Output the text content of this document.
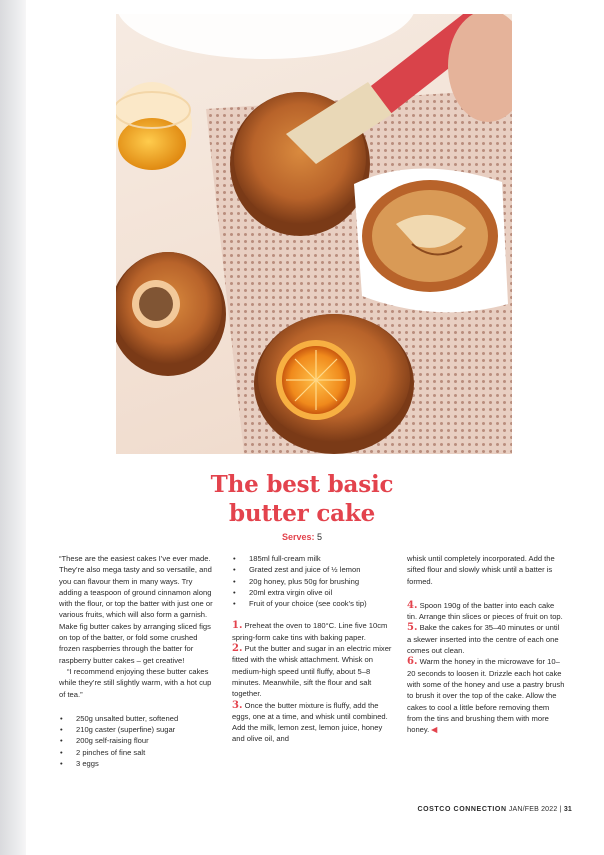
The best basic
butter cake
Serves: 5

“These are the easiest cakes I’ve ever made. They’re also mega tasty and so versatile, and you can flavour them in many ways. Try adding a teaspoon of ground cinnamon along with the flour, or top the batter with just one or various fruits, which will also form a garnish. Make fig butter cakes by arranging sliced figs on top of the batter, or fold some crushed frozen raspberries through the batter for raspberry butter cakes – get creative!

“I recommend enjoying these butter cakes while they’re still slightly warm, with a hot cup of tea.”

• 250g unsalted butter, softened
• 210g caster (superfine) sugar
• 200g self-raising flour
• 2 pinches of fine salt
• 3 eggs
• 185ml full-cream milk
• Grated zest and juice of ½ lemon
• 20g honey, plus 50g for brushing
• 20ml extra virgin olive oil
• Fruit of your choice (see cook’s tip)

1. Preheat the oven to 180°C. Line five 10cm spring-form cake tins with baking paper.

2. Put the butter and sugar in an electric mixer fitted with the whisk attachment. Whisk on medium-high speed until fluffy, about 5–8 minutes. Meanwhile, sift the flour and salt together.

3. Once the butter mixture is fluffy, add the eggs, one at a time, and whisk until combined. Add the milk, lemon zest, lemon juice, honey and olive oil, and

whisk until completely incorporated. Add the sifted flour and slowly whisk until a batter is formed.

4. Spoon 190g of the batter into each cake tin. Arrange thin slices or pieces of fruit on top.

5. Bake the cakes for 35–40 minutes or until a skewer inserted into the centre of each one comes out clean.

6. Warm the honey in the microwave for 10–20 seconds to loosen it. Drizzle each hot cake with some of the honey and use a pastry brush to brush it over the top of the cake. Allow the cakes to cool a little before removing them from the tins and brushing them with more honey. ◀

COSTCO CONNECTION JAN/FEB 2022 | 31
